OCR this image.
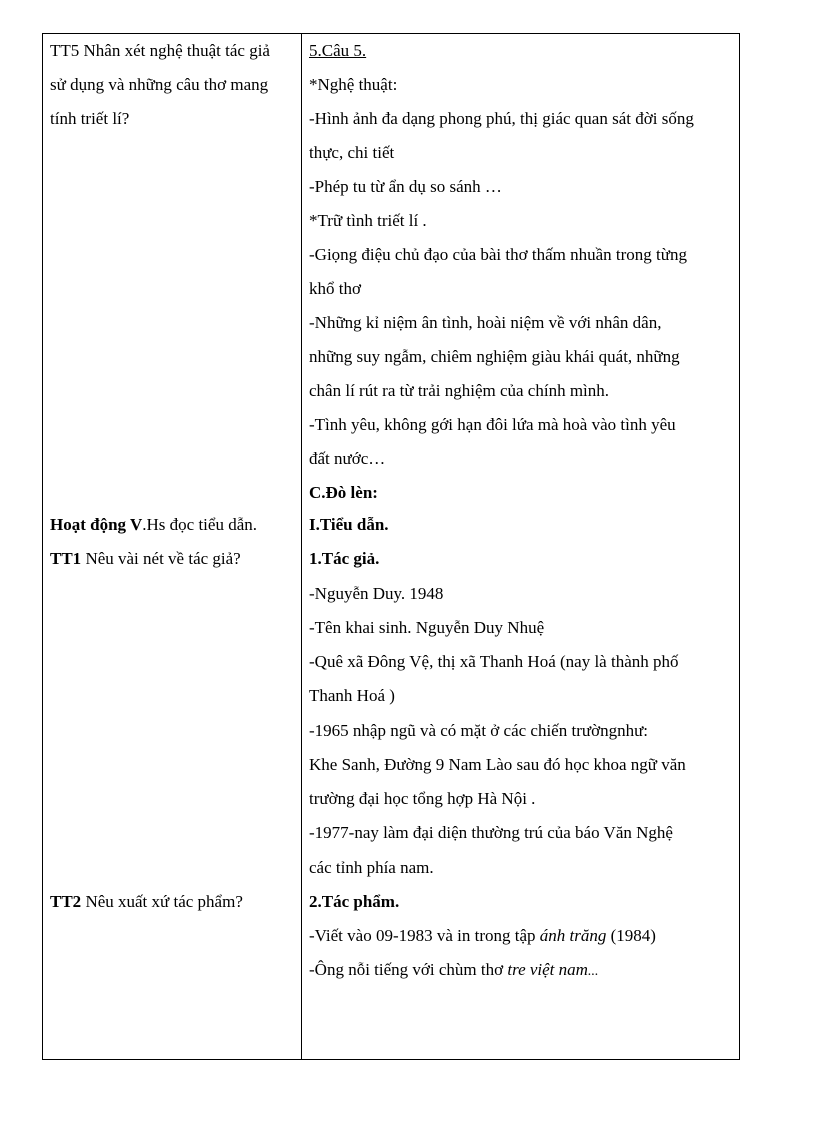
TT5 Nhân xét nghệ thuật tác giả
sử dụng và những câu thơ mang
tính triết lí?
Hoạt động V.Hs đọc tiểu dẫn.
TT1 Nêu vài nét về tác giả?
TT2 Nêu xuất xứ tác phẩm?
5.Câu 5.
*Nghệ thuật:
-Hình ảnh đa dạng phong phú, thị giác quan sát đời sống
thực, chi tiết
-Phép tu từ ẩn dụ so sánh …
*Trữ tình triết lí .
-Giọng điệu chủ đạo của bài thơ thấm nhuần trong từng
khổ thơ
-Những kỉ niệm ân tình, hoài niệm về với nhân dân,
những suy ngẫm, chiêm nghiệm giàu khái quát, những
chân lí rút ra từ trải nghiệm của chính mình.
-Tình yêu, không gới hạn đôi lứa mà hoà vào tình yêu
đất nước…
C.Đò lèn:
I.Tiểu dẫn.
1.Tác giả.
-Nguyễn Duy. 1948
-Tên khai sinh. Nguyễn Duy Nhuệ
-Quê xã Đông Vệ, thị xã Thanh Hoá (nay là thành phố
Thanh Hoá )
-1965 nhập ngũ và có mặt ở các chiến trườngnhư:
Khe Sanh, Đường 9 Nam Lào sau đó học khoa ngữ văn
trường đại học tổng hợp Hà Nội .
-1977-nay làm đại diện thường trú của báo Văn Nghệ
các tỉnh phía nam.
2.Tác phẩm.
-Viết vào 09-1983 và in trong tập ánh trăng (1984)
-Ông nỗi tiếng với chùm thơ tre việt nam...
